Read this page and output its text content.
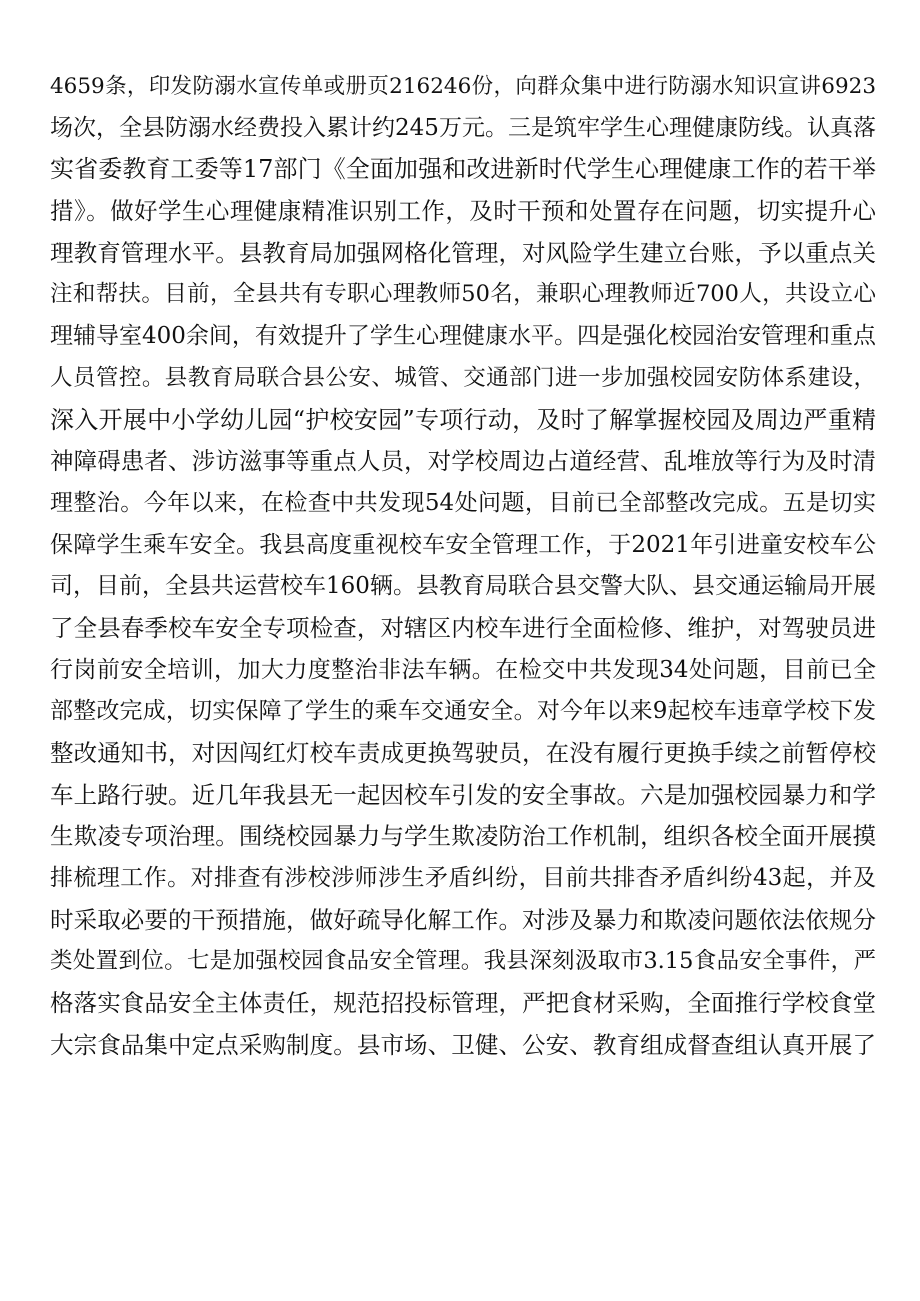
4659条，印发防溺水宣传单或册页216246份，向群众集中进行防溺水知识宣讲6923
场次，全县防溺水经费投入累计约245万元。三是筑牢学生心理健康防线。认真落
实省委教育工委等17部门《全面加强和改进新时代学生心理健康工作的若干举
措》。做好学生心理健康精准识别工作，及时干预和处置存在问题，切实提升心
理教育管理水平。县教育局加强网格化管理，对风险学生建立台账，予以重点关
注和帮扶。目前，全县共有专职心理教师50名，兼职心理教师近700人，共设立心
理辅导室400余间，有效提升了学生心理健康水平。四是强化校园治安管理和重点
人员管控。县教育局联合县公安、城管、交通部门进一步加强校园安防体系建设，
深入开展中小学幼儿园“护校安园”专项行动，及时了解掌握校园及周边严重精
神障碍患者、涉访滋事等重点人员，对学校周边占道经营、乱堆放等行为及时清
理整治。今年以来，在检查中共发现54处问题，目前已全部整改完成。五是切实
保障学生乘车安全。我县高度重视校车安全管理工作，于2021年引进童安校车公
司，目前，全县共运营校车160辆。县教育局联合县交警大队、县交通运输局开展
了全县春季校车安全专项检查，对辖区内校车进行全面检修、维护，对驾驶员进
行岗前安全培训，加大力度整治非法车辆。在检交中共发现34处问题，目前已全
部整改完成，切实保障了学生的乘车交通安全。对今年以来9起校车违章学校下发
整改通知书，对因闯红灯校车责成更换驾驶员，在没有履行更换手续之前暂停校
车上路行驶。近几年我县无一起因校车引发的安全事故。六是加强校园暴力和学
生欺凌专项治理。围绕校园暴力与学生欺凌防治工作机制，组织各校全面开展摸
排梳理工作。对排查有涉校涉师涉生矛盾纠纷，目前共排杳矛盾纠纷43起，并及
时采取必要的干预措施，做好疏导化解工作。对涉及暴力和欺凌问题依法依规分
类处置到位。七是加强校园食品安全管理。我县深刻汲取市3.15食品安全事件，严
格落实食品安全主体责任，规范招投标管理，严把食材采购，全面推行学校食堂
大宗食品集中定点采购制度。县市场、卫健、公安、教育组成督查组认真开展了
